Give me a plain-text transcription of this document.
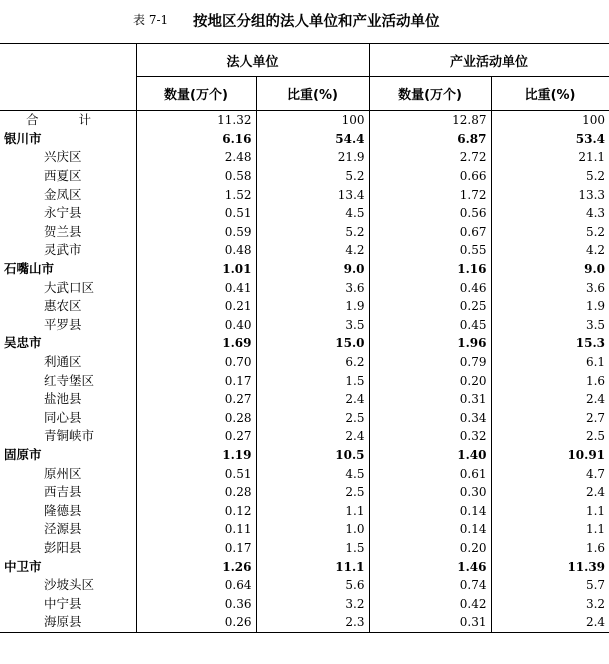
表 7-1 按地区分组的法人单位和产业活动单位
	法人单位		产业活动单位	
	数量(万个)	比重(%)	数量(万个)	比重(%)
合 计	11.32	100	12.87	100
银川市	6.16	54.4	6.87	53.4
兴庆区	2.48	21.9	2.72	21.1
西夏区	0.58	5.2	0.66	5.2
金凤区	1.52	13.4	1.72	13.3
永宁县	0.51	4.5	0.56	4.3
贺兰县	0.59	5.2	0.67	5.2
灵武市	0.48	4.2	0.55	4.2
石嘴山市	1.01	9.0	1.16	9.0
大武口区	0.41	3.6	0.46	3.6
惠农区	0.21	1.9	0.25	1.9
平罗县	0.40	3.5	0.45	3.5
吴忠市	1.69	15.0	1.96	15.3
利通区	0.70	6.2	0.79	6.1
红寺堡区	0.17	1.5	0.20	1.6
盐池县	0.27	2.4	0.31	2.4
同心县	0.28	2.5	0.34	2.7
青铜峡市	0.27	2.4	0.32	2.5
固原市	1.19	10.5	1.40	10.91
原州区	0.51	4.5	0.61	4.7
西吉县	0.28	2.5	0.30	2.4
隆德县	0.12	1.1	0.14	1.1
泾源县	0.11	1.0	0.14	1.1
彭阳县	0.17	1.5	0.20	1.6
中卫市	1.26	11.1	1.46	11.39
沙坡头区	0.64	5.6	0.74	5.7
中宁县	0.36	3.2	0.42	3.2
海原县	0.26	2.3	0.31	2.4
